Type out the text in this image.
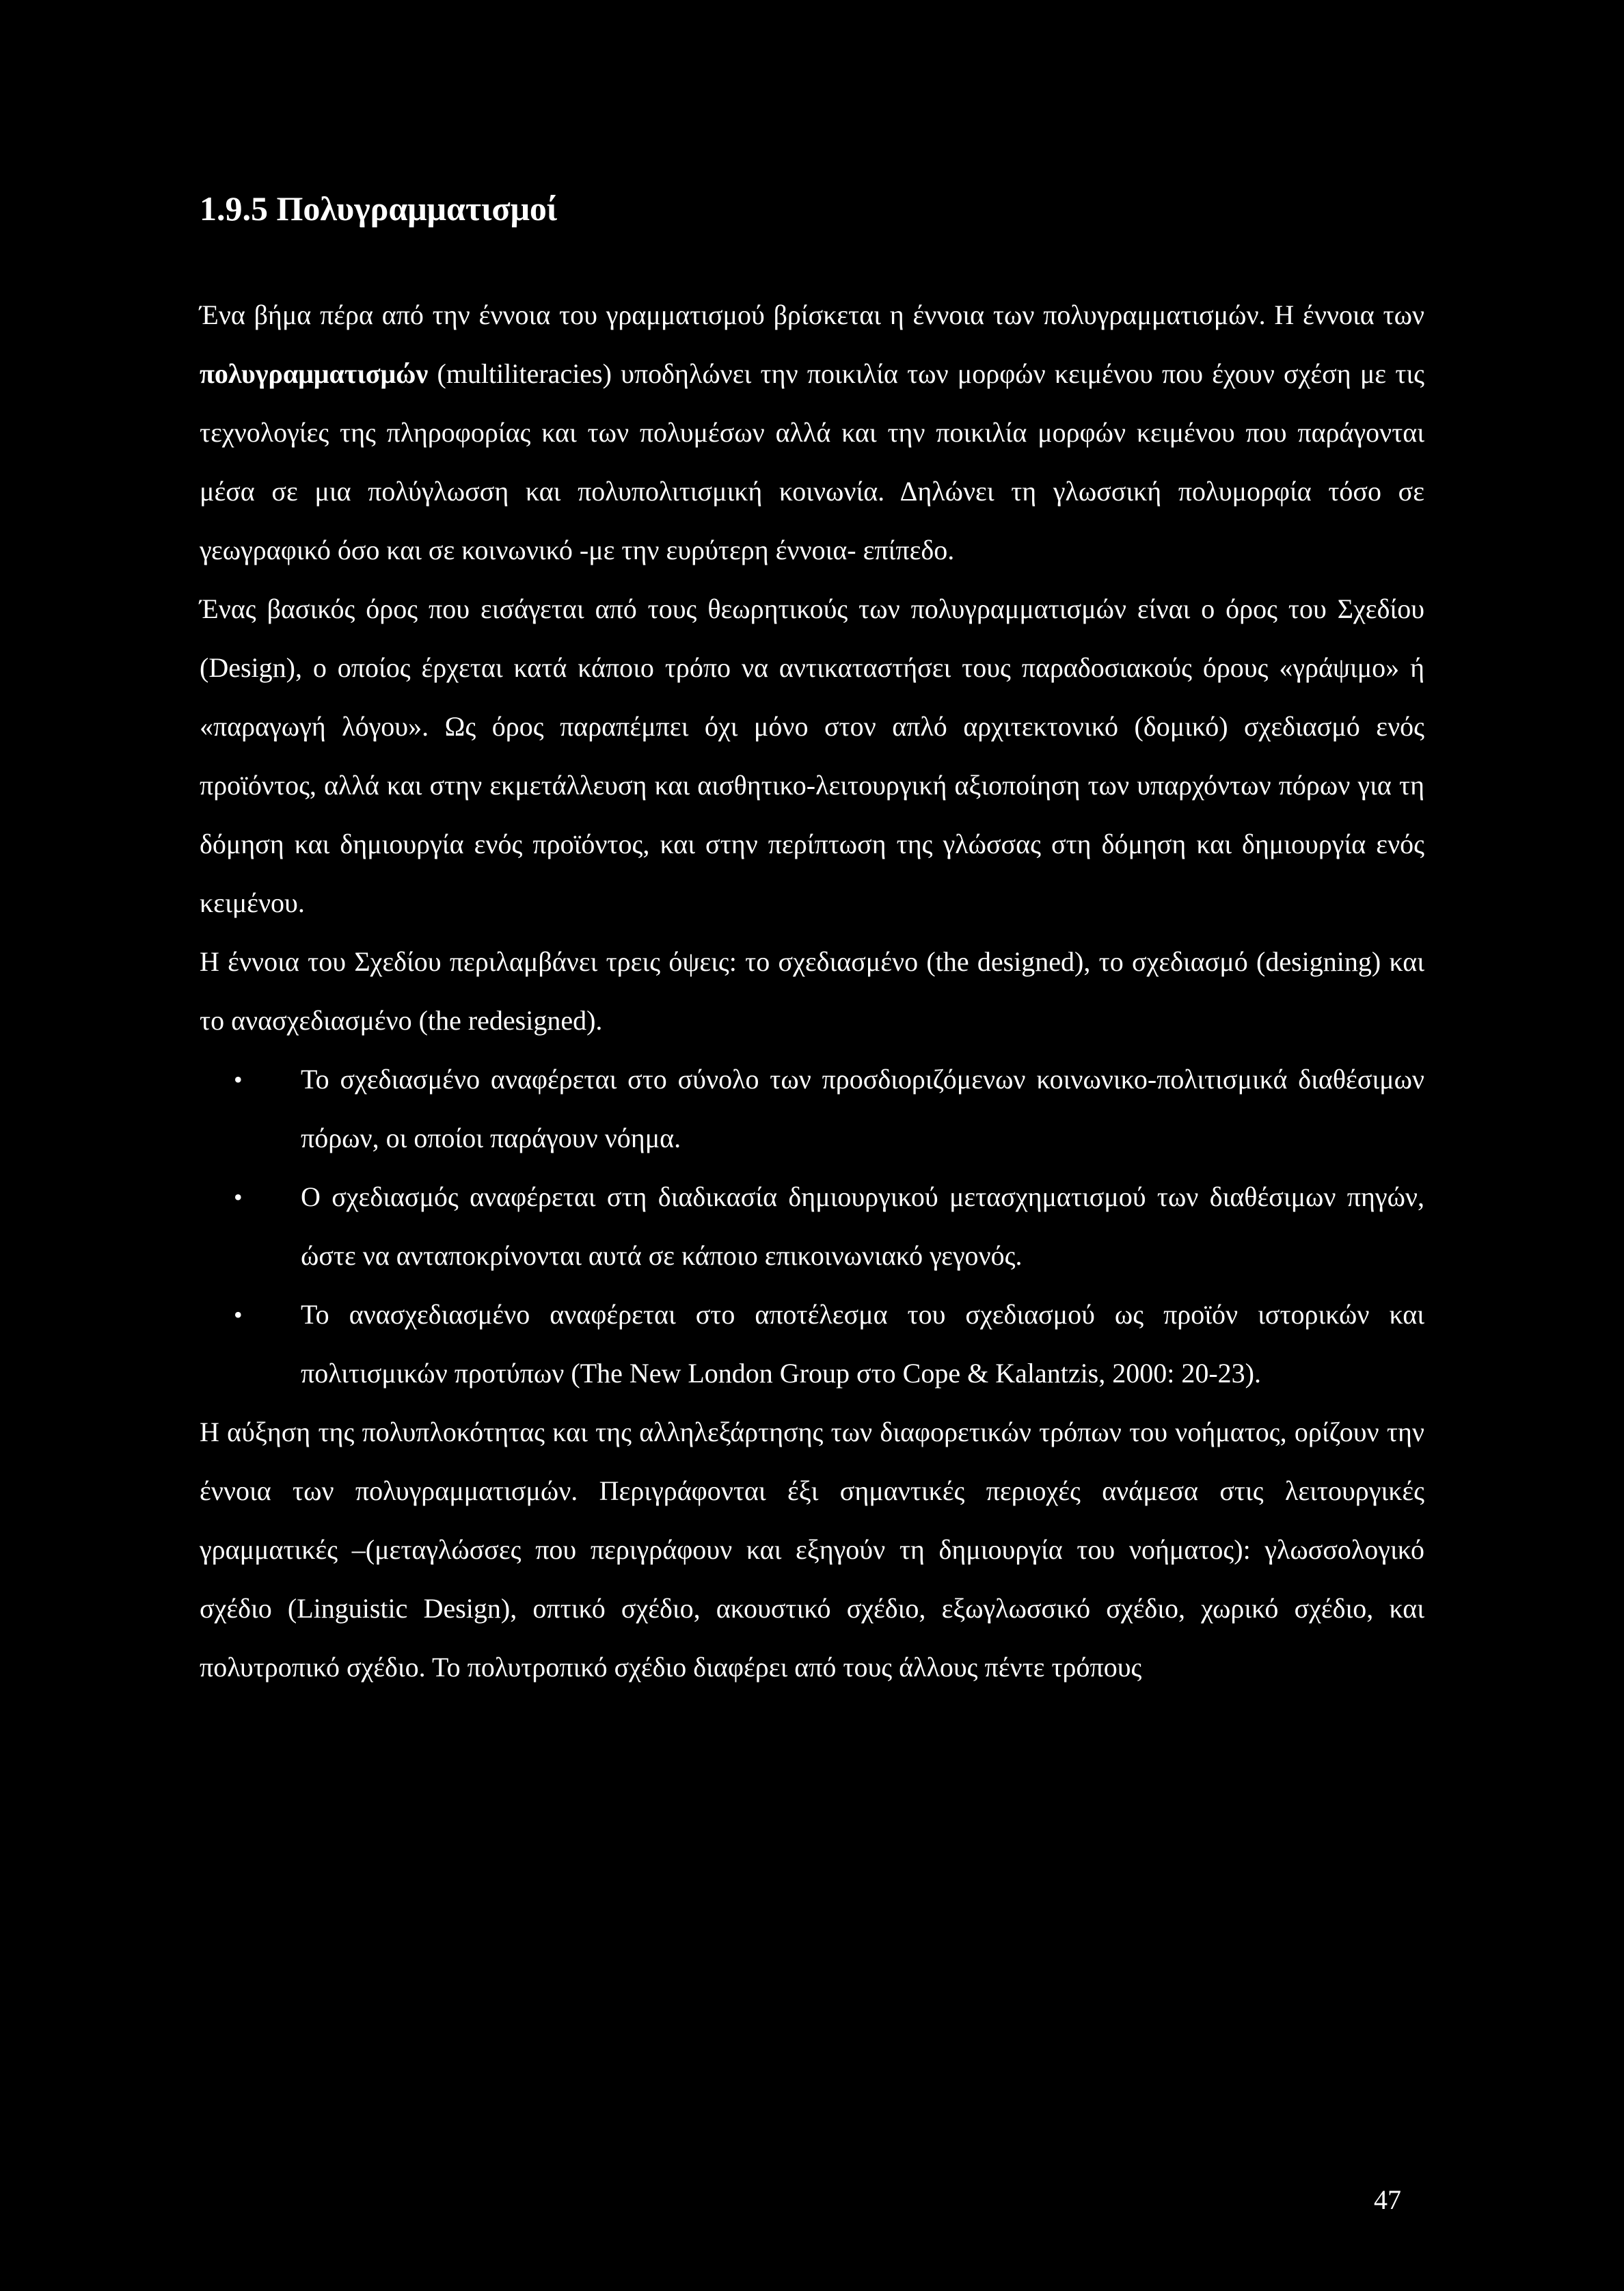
1.9.5 Πολυγραμματισμοί

Ένα βήμα πέρα από την έννοια του γραμματισμού βρίσκεται η έννοια των πολυγραμματισμών. Η έννοια των πολυγραμματισμών (multiliteracies) υποδηλώνει την ποικιλία των μορφών κειμένου που έχουν σχέση με τις τεχνολογίες της πληροφορίας και των πολυμέσων αλλά και την ποικιλία μορφών κειμένου που παράγονται μέσα σε μια πολύγλωσση και πολυπολιτισμική κοινωνία. Δηλώνει τη γλωσσική πολυμορφία τόσο σε γεωγραφικό όσο και σε κοινωνικό -με την ευρύτερη έννοια- επίπεδο.

Ένας βασικός όρος που εισάγεται από τους θεωρητικούς των πολυγραμματισμών είναι ο όρος του Σχεδίου (Design), ο οποίος έρχεται κατά κάποιο τρόπο να αντικαταστήσει τους παραδοσιακούς όρους «γράψιμο» ή «παραγωγή λόγου». Ως όρος παραπέμπει όχι μόνο στον απλό αρχιτεκτονικό (δομικό) σχεδιασμό ενός προϊόντος, αλλά και στην εκμετάλλευση και αισθητικο-λειτουργική αξιοποίηση των υπαρχόντων πόρων για τη δόμηση και δημιουργία ενός προϊόντος, και στην περίπτωση της γλώσσας στη δόμηση και δημιουργία ενός κειμένου.

Η έννοια του Σχεδίου περιλαμβάνει τρεις όψεις: το σχεδιασμένο (the designed), το σχεδιασμό (designing) και το ανασχεδιασμένο (the redesigned).

• Το σχεδιασμένο αναφέρεται στο σύνολο των προσδιοριζόμενων κοινωνικο-πολιτισμικά διαθέσιμων πόρων, οι οποίοι παράγουν νόημα.
• Ο σχεδιασμός αναφέρεται στη διαδικασία δημιουργικού μετασχηματισμού των διαθέσιμων πηγών, ώστε να ανταποκρίνονται αυτά σε κάποιο επικοινωνιακό γεγονός.
• Το ανασχεδιασμένο αναφέρεται στο αποτέλεσμα του σχεδιασμού ως προϊόν ιστορικών και πολιτισμικών προτύπων (The New London Group στο Cope & Kalantzis, 2000: 20-23).

Η αύξηση της πολυπλοκότητας και της αλληλεξάρτησης των διαφορετικών τρόπων του νοήματος, ορίζουν την έννοια των πολυγραμματισμών. Περιγράφονται έξι σημαντικές περιοχές ανάμεσα στις λειτουργικές γραμματικές –(μεταγλώσσες που περιγράφουν και εξηγούν τη δημιουργία του νοήματος): γλωσσολογικό σχέδιο (Linguistic Design), οπτικό σχέδιο, ακουστικό σχέδιο, εξωγλωσσικό σχέδιο, χωρικό σχέδιο, και πολυτροπικό σχέδιο. Το πολυτροπικό σχέδιο διαφέρει από τους άλλους πέντε τρόπους

47
